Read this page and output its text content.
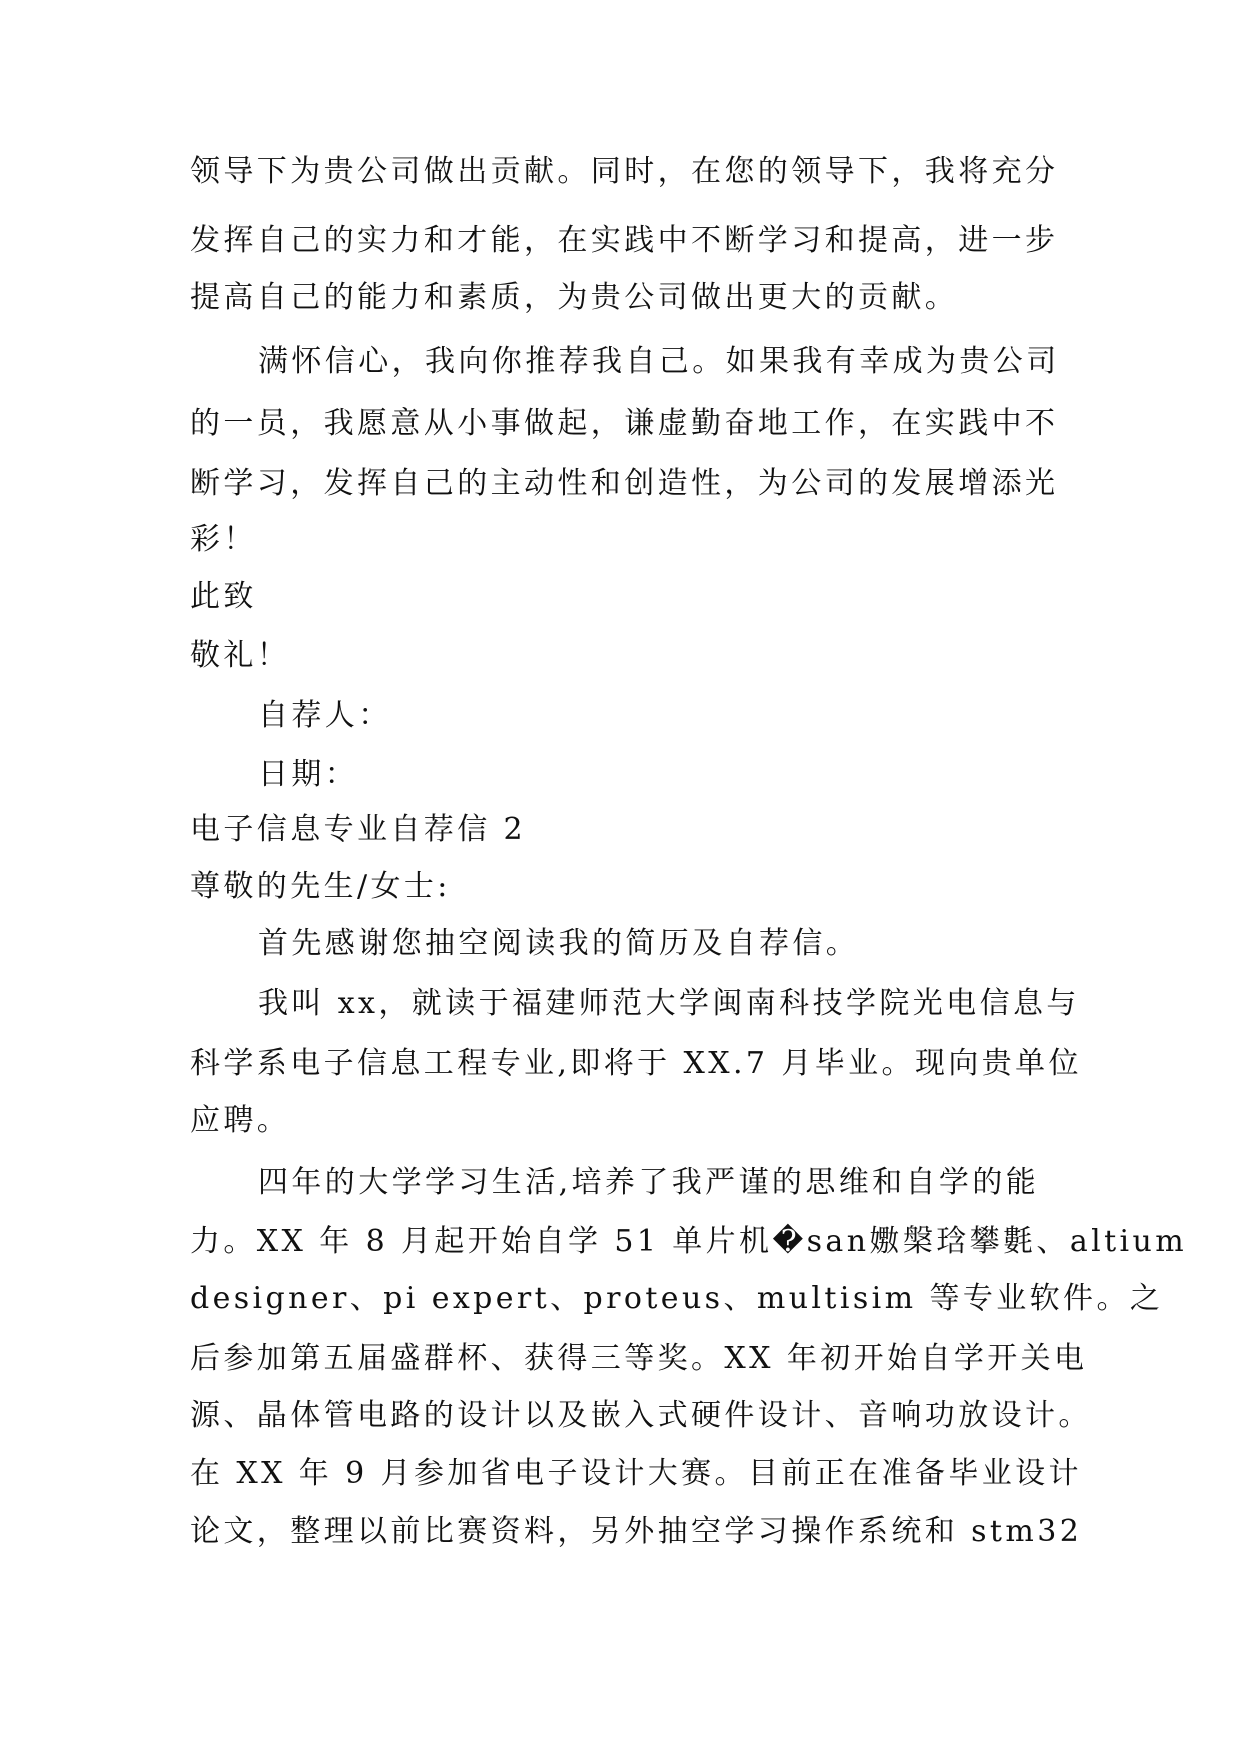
领导下为贵公司做出贡献。同时，在您的领导下，我将充分

发挥自己的实力和才能，在实践中不断学习和提高，进一步

提高自己的能力和素质，为贵公司做出更大的贡献。

满怀信心，我向你推荐我自己。如果我有幸成为贵公司

的一员，我愿意从小事做起，谦虚勤奋地工作，在实践中不

断学习，发挥自己的主动性和创造性，为公司的发展增添光

彩！

此致

敬礼！

自荐人：

日期：

电子信息专业自荐信 2

尊敬的先生/女士:

首先感谢您抽空阅读我的简历及自荐信。

我叫 xx，就读于福建师范大学闽南科技学院光电信息与

科学系电子信息工程专业,即将于 XX.7 月毕业。现向贵单位

应聘。

四年的大学学习生活,培养了我严谨的思维和自学的能

力。XX 年 8 月起开始自学 51 单片机�san嫐槃琀攀氀、altium

designer、pi expert、proteus、multisim 等专业软件。之

后参加第五届盛群杯、获得三等奖。XX 年初开始自学开关电

源、晶体管电路的设计以及嵌入式硬件设计、音响功放设计。

在 XX 年 9 月参加省电子设计大赛。目前正在准备毕业设计

论文，整理以前比赛资料，另外抽空学习操作系统和 stm32
